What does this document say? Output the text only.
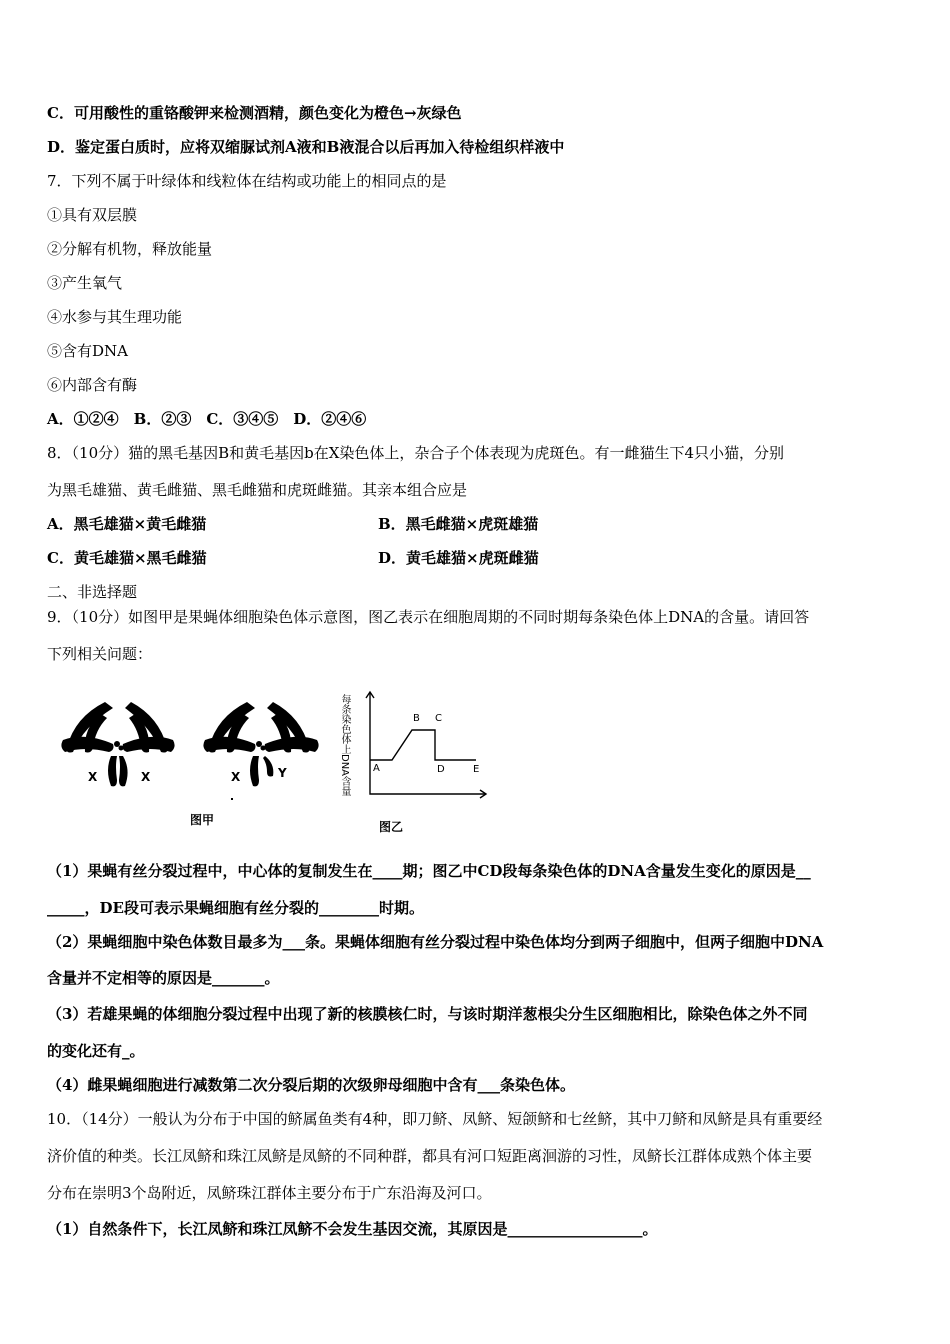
C．可用酸性的重铬酸钾来检测酒精，颜色变化为橙色→灰绿色
D．鉴定蛋白质时，应将双缩脲试剂A液和B液混合以后再加入待检组织样液中
7．下列不属于叶绿体和线粒体在结构或功能上的相同点的是
①具有双层膜
②分解有机物，释放能量
③产生氧气
④水参与其生理功能
⑤含有DNA
⑥内部含有酶
A．①②④　B．②③　C．③④⑤　D．②④⑥
8．（10分）猫的黑毛基因B和黄毛基因b在X染色体上，杂合子个体表现为虎斑色。有一雌猫生下4只小猫，分别
为黑毛雄猫、黄毛雌猫、黑毛雌猫和虎斑雌猫。其亲本组合应是
A．黑毛雄猫×黄毛雌猫	B．黑毛雌猫×虎斑雄猫
C．黄毛雄猫×黑毛雌猫	D．黄毛雄猫×虎斑雌猫
二、非选择题
9．（10分）如图甲是果蝇体细胞染色体示意图，图乙表示在细胞周期的不同时期每条染色体上DNA的含量。请回答
下列相关问题：
X	X	X	Y
图甲
每条染色体上DNA含量 A
B C
D	E
图乙
（1）果蝇有丝分裂过程中，中心体的复制发生在____期；图乙中CD段每条染色体的DNA含量发生变化的原因是__
_____，DE段可表示果蝇细胞有丝分裂的________时期。
（2）果蝇细胞中染色体数目最多为___条。果蝇体细胞有丝分裂过程中染色体均分到两子细胞中，但两子细胞中DNA
含量并不定相等的原因是_______。
（3）若雄果蝇的体细胞分裂过程中出现了新的核膜核仁时，与该时期洋葱根尖分生区细胞相比，除染色体之外不同
的变化还有_。
（4）雌果蝇细胞进行减数第二次分裂后期的次级卵母细胞中含有___条染色体。
10．（14分）一般认为分布于中国的鲚属鱼类有4种，即刀鲚、凤鲚、短颌鲚和七丝鲚，其中刀鲚和凤鲚是具有重要经
济价值的种类。长江凤鲚和珠江凤鲚是凤鲚的不同种群，都具有河口短距离洄游的习性，凤鲚长江群体成熟个体主要
分布在崇明3个岛附近，凤鲚珠江群体主要分布于广东沿海及河口。
（1）自然条件下，长江凤鲚和珠江凤鲚不会发生基因交流，其原因是__________________。
